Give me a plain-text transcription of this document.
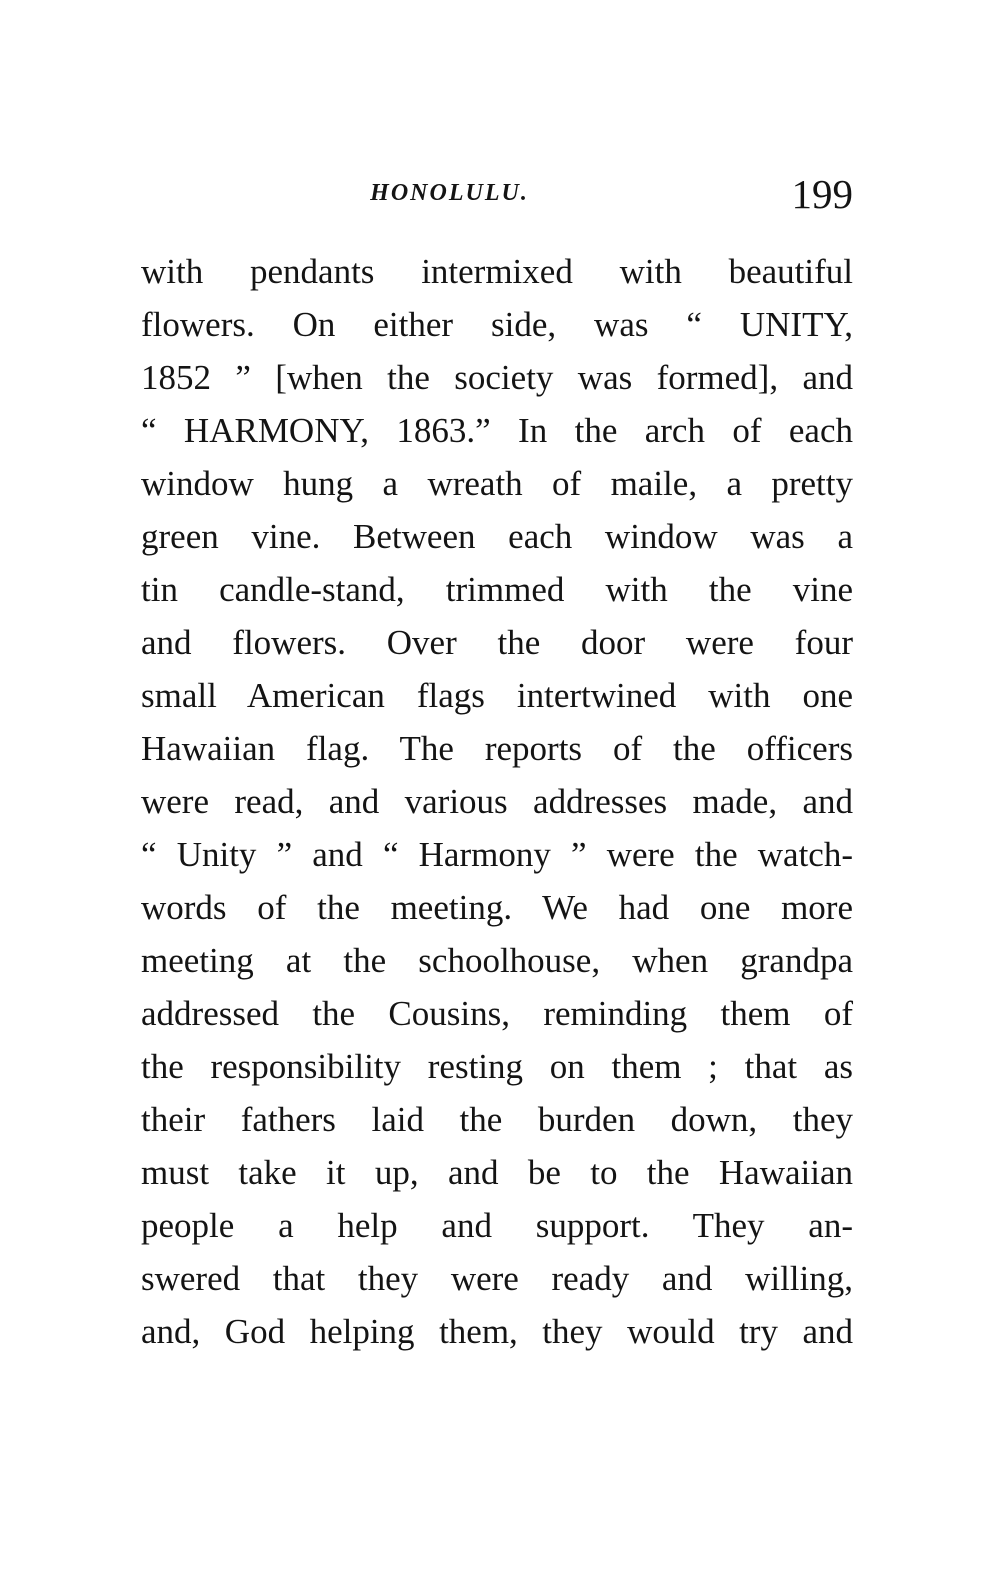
HONOLULU.	199
with pendants intermixed with beautiful
flowers. On either side, was “ UNITY,
1852 ” [when the society was formed], and
“ HARMONY, 1863.” In the arch of each
window hung a wreath of maile, a pretty
green vine. Between each window was a
tin candle-stand, trimmed with the vine
and flowers. Over the door were four
small American flags intertwined with one
Hawaiian flag. The reports of the officers
were read, and various addresses made, and
“ Unity ” and “ Harmony ” were the watch-
words of the meeting. We had one more
meeting at the schoolhouse, when grandpa
addressed the Cousins, reminding them of
the responsibility resting on them ; that as
their fathers laid the burden down, they
must take it up, and be to the Hawaiian
people a help and support. They an-
swered that they were ready and willing,
and, God helping them, they would try and
